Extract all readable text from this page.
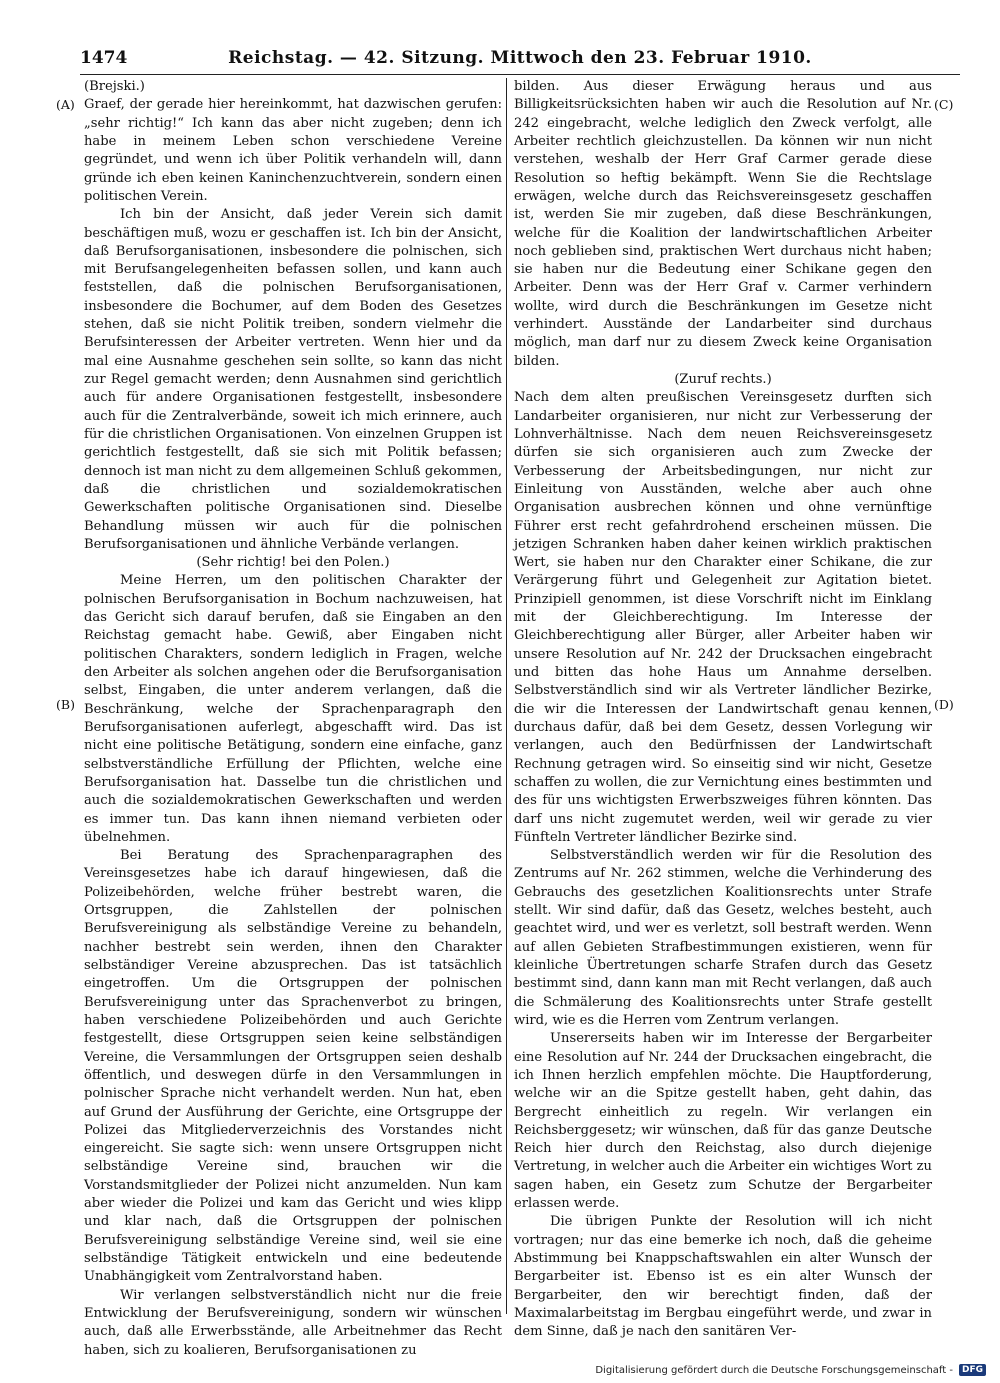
1474	Reichstag. — 42. Sitzung. Mittwoch den 23. Februar 1910.
(A)
(B)
(C)
(D)

(Brejski.)

Graef, der gerade hier hereinkommt, hat dazwischen gerufen: „sehr richtig!“ Ich kann das aber nicht zugeben; denn ich habe in meinem Leben schon verschiedene Vereine gegründet, und wenn ich über Politik verhandeln will, dann gründe ich eben keinen Kaninchenzuchtverein, sondern einen politischen Verein.

Ich bin der Ansicht, daß jeder Verein sich damit beschäftigen muß, wozu er geschaffen ist. Ich bin der Ansicht, daß Berufsorganisationen, insbesondere die polnischen, sich mit Berufsangelegenheiten befassen sollen, und kann auch feststellen, daß die polnischen Berufsorganisationen, insbesondere die Bochumer, auf dem Boden des Gesetzes stehen, daß sie nicht Politik treiben, sondern vielmehr die Berufsinteressen der Arbeiter vertreten. Wenn hier und da mal eine Ausnahme geschehen sein sollte, so kann das nicht zur Regel gemacht werden; denn Ausnahmen sind gerichtlich auch für andere Organisationen festgestellt, insbesondere auch für die Zentralverbände, soweit ich mich erinnere, auch für die christlichen Organisationen. Von einzelnen Gruppen ist gerichtlich festgestellt, daß sie sich mit Politik befassen; dennoch ist man nicht zu dem allgemeinen Schluß gekommen, daß die christlichen und sozialdemokratischen Gewerkschaften politische Organisationen sind. Dieselbe Behandlung müssen wir auch für die polnischen Berufsorganisationen und ähnliche Verbände verlangen.

(Sehr richtig! bei den Polen.)

Meine Herren, um den politischen Charakter der polnischen Berufsorganisation in Bochum nachzuweisen, hat das Gericht sich darauf berufen, daß sie Eingaben an den Reichstag gemacht habe. Gewiß, aber Eingaben nicht politischen Charakters, sondern lediglich in Fragen, welche den Arbeiter als solchen angehen oder die Berufsorganisation selbst, Eingaben, die unter anderem verlangen, daß die Beschränkung, welche der Sprachenparagraph den Berufsorganisationen auferlegt, abgeschafft wird. Das ist nicht eine politische Betätigung, sondern eine einfache, ganz selbstverständliche Erfüllung der Pflichten, welche eine Berufsorganisation hat. Dasselbe tun die christlichen und auch die sozialdemokratischen Gewerkschaften und werden es immer tun. Das kann ihnen niemand verbieten oder übelnehmen.

Bei Beratung des Sprachenparagraphen des Vereinsgesetzes habe ich darauf hingewiesen, daß die Polizeibehörden, welche früher bestrebt waren, die Ortsgruppen, die Zahlstellen der polnischen Berufsvereinigung als selbständige Vereine zu behandeln, nachher bestrebt sein werden, ihnen den Charakter selbständiger Vereine abzusprechen. Das ist tatsächlich eingetroffen. Um die Ortsgruppen der polnischen Berufsvereinigung unter das Sprachenverbot zu bringen, haben verschiedene Polizeibehörden und auch Gerichte festgestellt, diese Ortsgruppen seien keine selbständigen Vereine, die Versammlungen der Ortsgruppen seien deshalb öffentlich, und deswegen dürfe in den Versammlungen in polnischer Sprache nicht verhandelt werden. Nun hat, eben auf Grund der Ausführung der Gerichte, eine Ortsgruppe der Polizei das Mitgliederverzeichnis des Vorstandes nicht eingereicht. Sie sagte sich: wenn unsere Ortsgruppen nicht selbständige Vereine sind, brauchen wir die Vorstandsmitglieder der Polizei nicht anzumelden. Nun kam aber wieder die Polizei und kam das Gericht und wies klipp und klar nach, daß die Ortsgruppen der polnischen Berufsvereinigung selbständige Vereine sind, weil sie eine selbständige Tätigkeit entwickeln und eine bedeutende Unabhängigkeit vom Zentralvorstand haben.

Wir verlangen selbstverständlich nicht nur die freie Entwicklung der Berufsvereinigung, sondern wir wünschen auch, daß alle Erwerbsstände, alle Arbeitnehmer das Recht haben, sich zu koalieren, Berufsorganisationen zu

bilden. Aus dieser Erwägung heraus und aus Billigkeitsrücksichten haben wir auch die Resolution auf Nr. 242 eingebracht, welche lediglich den Zweck verfolgt, alle Arbeiter rechtlich gleichzustellen. Da können wir nun nicht verstehen, weshalb der Herr Graf Carmer gerade diese Resolution so heftig bekämpft. Wenn Sie die Rechtslage erwägen, welche durch das Reichsvereinsgesetz geschaffen ist, werden Sie mir zugeben, daß diese Beschränkungen, welche für die Koalition der landwirtschaftlichen Arbeiter noch geblieben sind, praktischen Wert durchaus nicht haben; sie haben nur die Bedeutung einer Schikane gegen den Arbeiter. Denn was der Herr Graf v. Carmer verhindern wollte, wird durch die Beschränkungen im Gesetze nicht verhindert. Ausstände der Landarbeiter sind durchaus möglich, man darf nur zu diesem Zweck keine Organisation bilden.

(Zuruf rechts.)

Nach dem alten preußischen Vereinsgesetz durften sich Landarbeiter organisieren, nur nicht zur Verbesserung der Lohnverhältnisse. Nach dem neuen Reichsvereinsgesetz dürfen sie sich organisieren auch zum Zwecke der Verbesserung der Arbeitsbedingungen, nur nicht zur Einleitung von Ausständen, welche aber auch ohne Organisation ausbrechen können und ohne vernünftige Führer erst recht gefahrdrohend erscheinen müssen. Die jetzigen Schranken haben daher keinen wirklich praktischen Wert, sie haben nur den Charakter einer Schikane, die zur Verärgerung führt und Gelegenheit zur Agitation bietet. Prinzipiell genommen, ist diese Vorschrift nicht im Einklang mit der Gleichberechtigung. Im Interesse der Gleichberechtigung aller Bürger, aller Arbeiter haben wir unsere Resolution auf Nr. 242 der Drucksachen eingebracht und bitten das hohe Haus um Annahme derselben. Selbstverständlich sind wir als Vertreter ländlicher Bezirke, die wir die Interessen der Landwirtschaft genau kennen, durchaus dafür, daß bei dem Gesetz, dessen Vorlegung wir verlangen, auch den Bedürfnissen der Landwirtschaft Rechnung getragen wird. So einseitig sind wir nicht, Gesetze schaffen zu wollen, die zur Vernichtung eines bestimmten und des für uns wichtigsten Erwerbszweiges führen könnten. Das darf uns nicht zugemutet werden, weil wir gerade zu vier Fünfteln Vertreter ländlicher Bezirke sind.

Selbstverständlich werden wir für die Resolution des Zentrums auf Nr. 262 stimmen, welche die Verhinderung des Gebrauchs des gesetzlichen Koalitionsrechts unter Strafe stellt. Wir sind dafür, daß das Gesetz, welches besteht, auch geachtet wird, und wer es verletzt, soll bestraft werden. Wenn auf allen Gebieten Strafbestimmungen existieren, wenn für kleinliche Übertretungen scharfe Strafen durch das Gesetz bestimmt sind, dann kann man mit Recht verlangen, daß auch die Schmälerung des Koalitionsrechts unter Strafe gestellt wird, wie es die Herren vom Zentrum verlangen.

Unsererseits haben wir im Interesse der Bergarbeiter eine Resolution auf Nr. 244 der Drucksachen eingebracht, die ich Ihnen herzlich empfehlen möchte. Die Hauptforderung, welche wir an die Spitze gestellt haben, geht dahin, das Bergrecht einheitlich zu regeln. Wir verlangen ein Reichsberggesetz; wir wünschen, daß für das ganze Deutsche Reich hier durch den Reichstag, also durch diejenige Vertretung, in welcher auch die Arbeiter ein wichtiges Wort zu sagen haben, ein Gesetz zum Schutze der Bergarbeiter erlassen werde.

Die übrigen Punkte der Resolution will ich nicht vortragen; nur das eine bemerke ich noch, daß die geheime Abstimmung bei Knappschaftswahlen ein alter Wunsch der Bergarbeiter ist. Ebenso ist es ein alter Wunsch der Bergarbeiter, den wir berechtigt finden, daß der Maximalarbeitstag im Bergbau eingeführt werde, und zwar in dem Sinne, daß je nach den sanitären Ver-

Digitalisierung gefördert durch die Deutsche Forschungsgemeinschaft -	DFG
